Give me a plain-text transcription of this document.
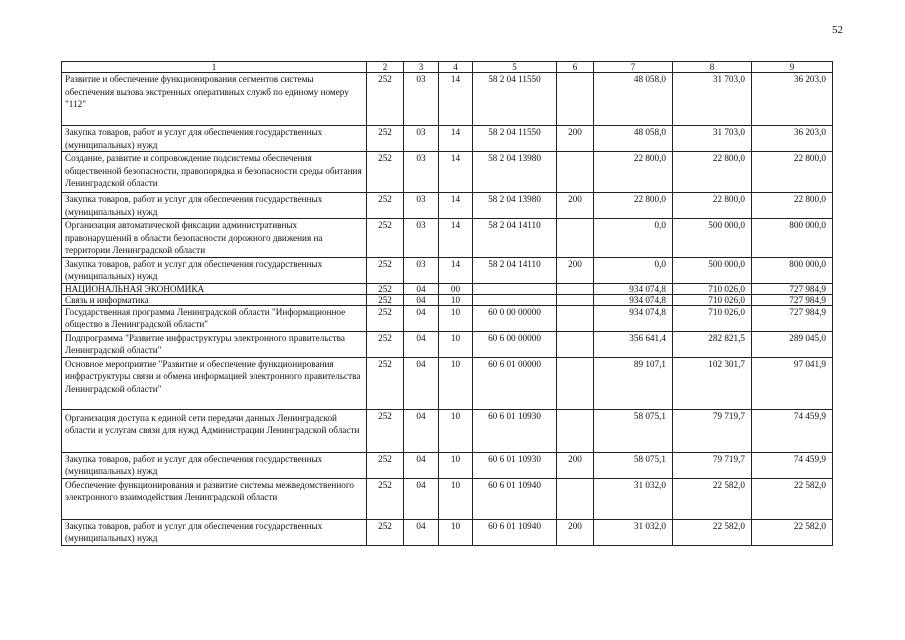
52
1	2	3	4	5	6	7	8	9
Развитие и обеспечение функционирования сегментов системы обеспечения вызова экстренных оперативных служб по единому номеру "112"	252	03	14	58 2 04 11550		48 058,0	31 703,0	36 203,0
Закупка товаров, работ и услуг для обеспечения государственных (муниципальных) нужд	252	03	14	58 2 04 11550	200	48 058,0	31 703,0	36 203,0
Создание, развитие и сопровождение подсистемы обеспечения общественной безопасности, правопорядка и безопасности среды обитания Ленинградской области	252	03	14	58 2 04 13980		22 800,0	22 800,0	22 800,0
Закупка товаров, работ и услуг для обеспечения государственных (муниципальных) нужд	252	03	14	58 2 04 13980	200	22 800,0	22 800,0	22 800,0
Организация автоматической фиксации административных правонарушений в области безопасности дорожного движения на территории Ленинградской области	252	03	14	58 2 04 14110		0,0	500 000,0	800 000,0
Закупка товаров, работ и услуг для обеспечения государственных (муниципальных) нужд	252	03	14	58 2 04 14110	200	0,0	500 000,0	800 000,0
НАЦИОНАЛЬНАЯ ЭКОНОМИКА	252	04	00			934 074,8	710 026,0	727 984,9
Связь и информатика	252	04	10			934 074,8	710 026,0	727 984,9
Государственная программа Ленинградской области "Информационное общество в Ленинградской области"	252	04	10	60 0 00 00000		934 074,8	710 026,0	727 984,9
Подпрограмма "Развитие инфраструктуры электронного правительства Ленинградской области"	252	04	10	60 6 00 00000		356 641,4	282 821,5	289 045,0
Основное мероприятие "Развитие и обеспечение функционирования инфраструктуры связи и обмена информацией электронного правительства Ленинградской области"	252	04	10	60 6 01 00000		89 107,1	102 301,7	97 041,9
Организация доступа к единой сети передачи данных Ленинградской области и услугам связи для нужд Администрации Ленинградской области	252	04	10	60 6 01 10930		58 075,1	79 719,7	74 459,9
Закупка товаров, работ и услуг для обеспечения государственных (муниципальных) нужд	252	04	10	60 6 01 10930	200	58 075,1	79 719,7	74 459,9
Обеспечение функционирования и развитие системы межведомственного электронного взаимодействия Ленинградской области	252	04	10	60 6 01 10940		31 032,0	22 582,0	22 582,0
Закупка товаров, работ и услуг для обеспечения государственных (муниципальных) нужд	252	04	10	60 6 01 10940	200	31 032,0	22 582,0	22 582,0
